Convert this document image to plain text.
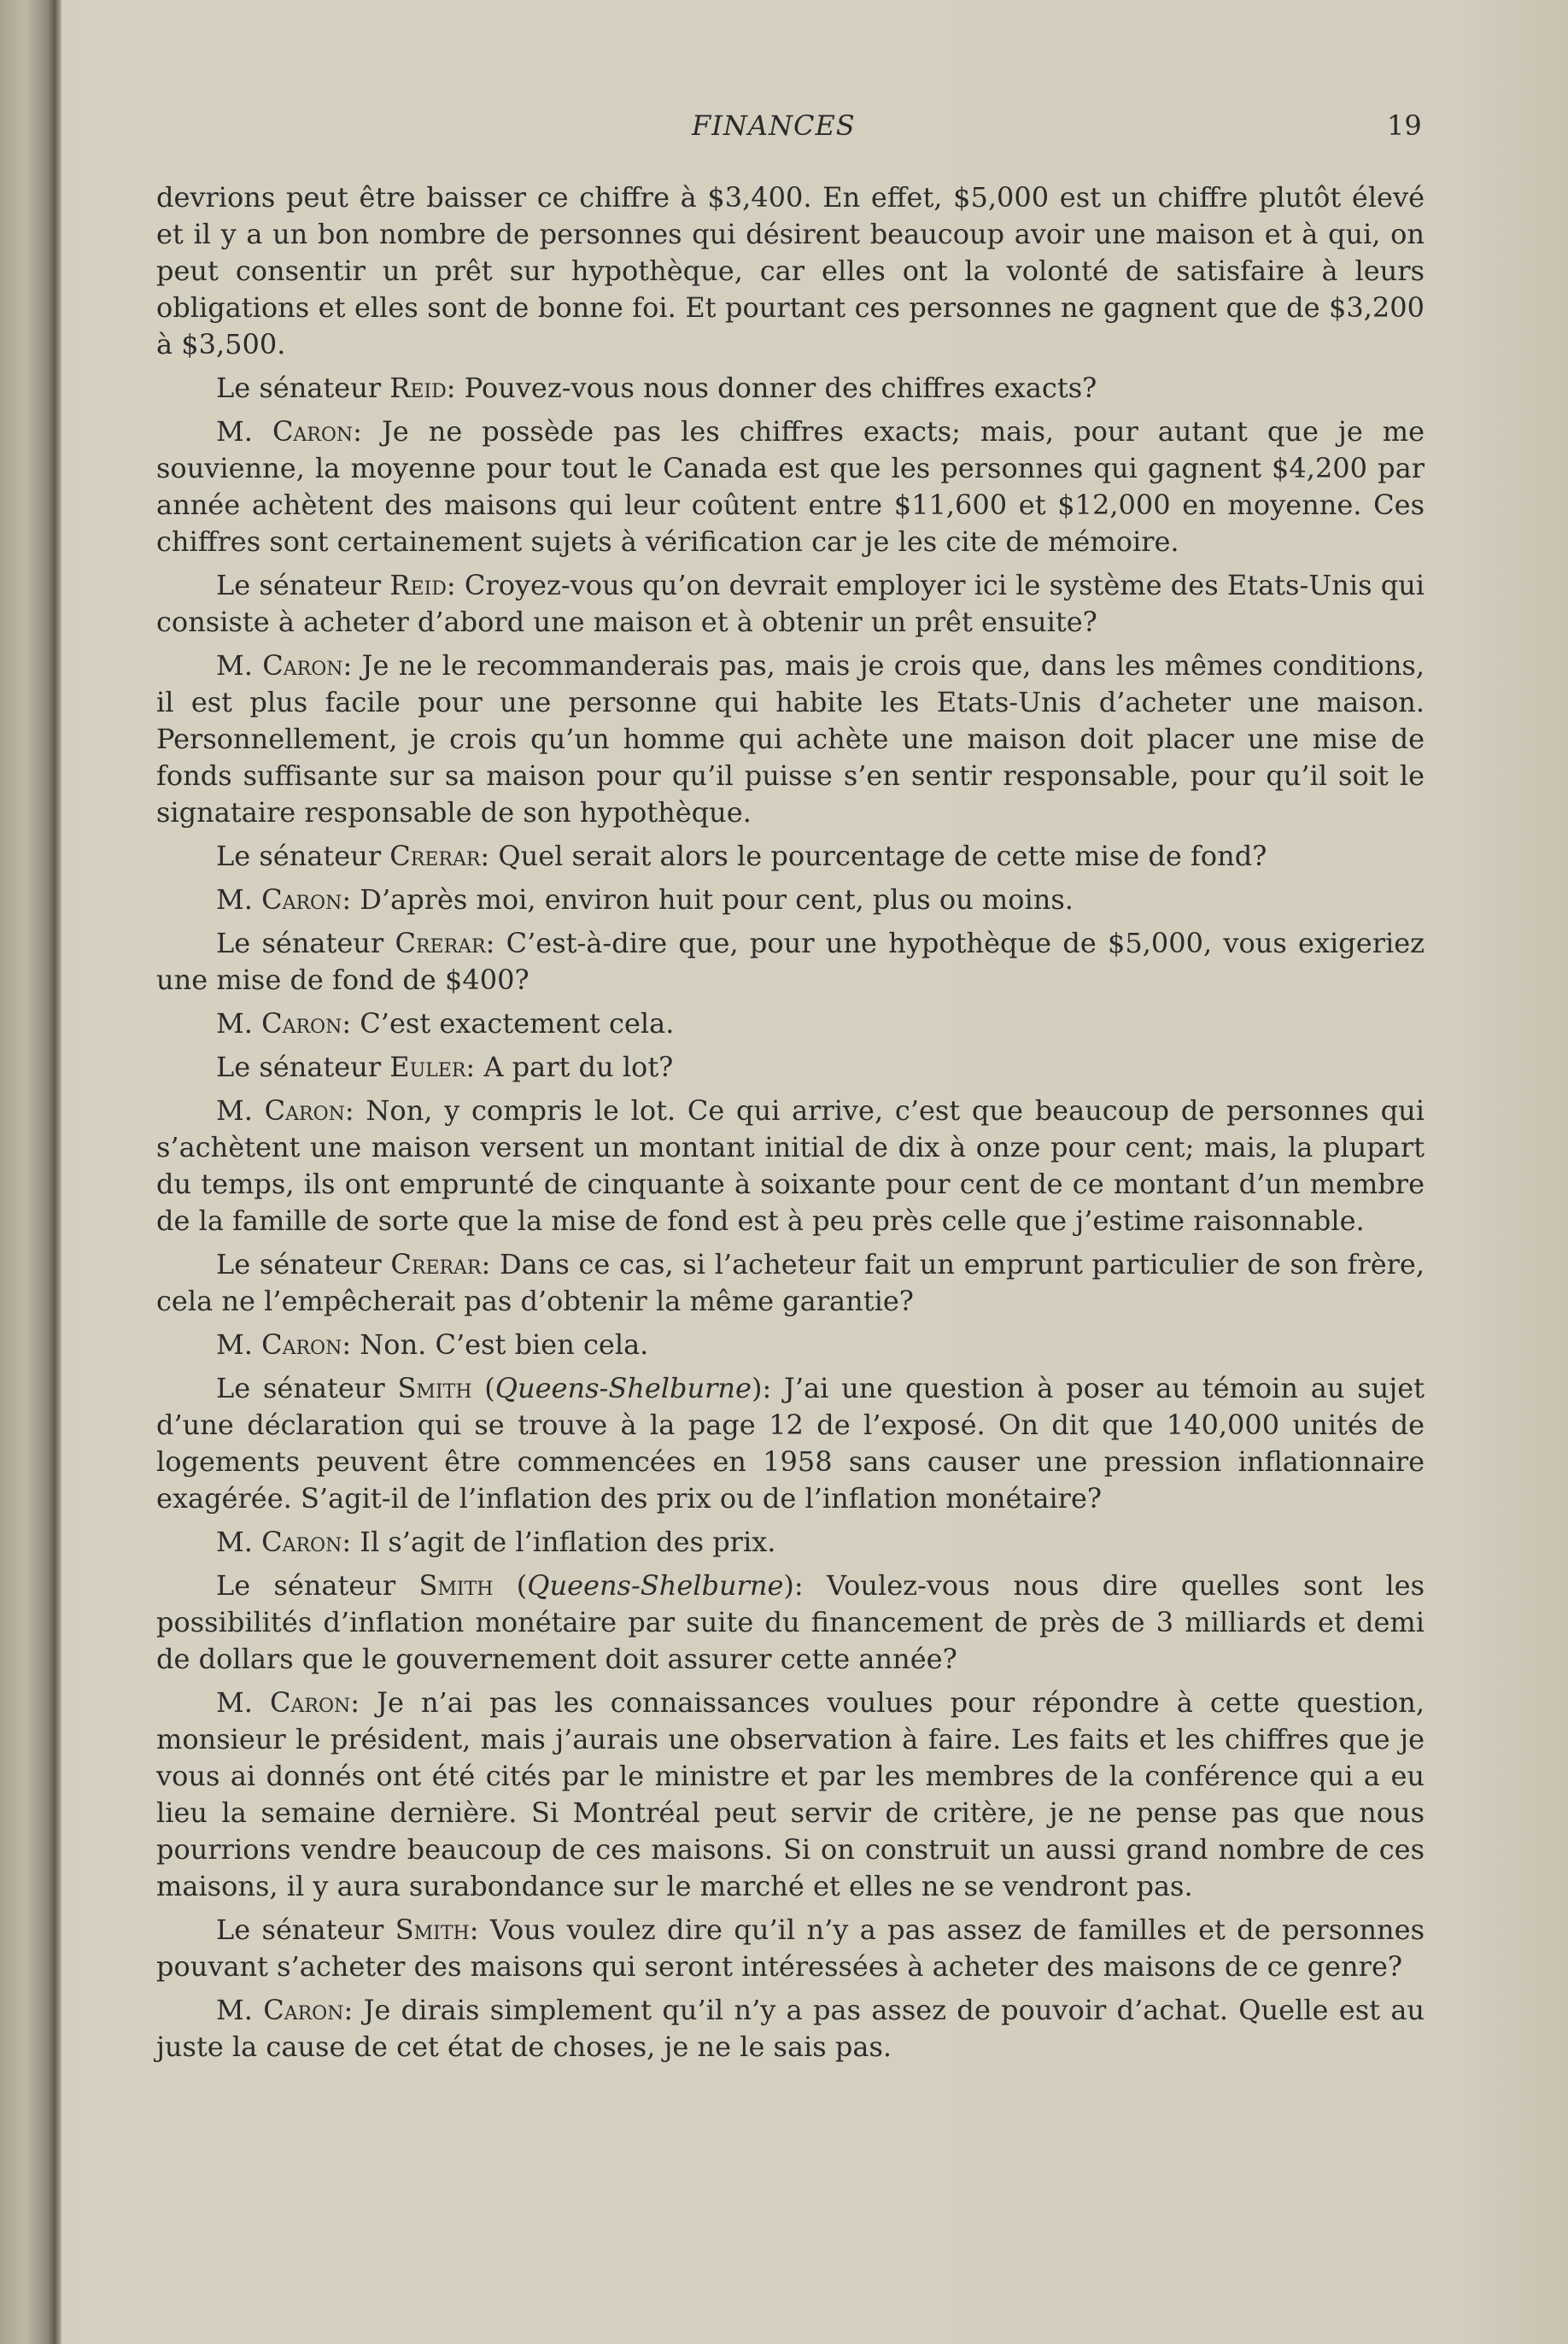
FINANCES	19

devrions peut être baisser ce chiffre à $3,400. En effet, $5,000 est un chiffre plutôt élevé et il y a un bon nombre de personnes qui désirent beaucoup avoir une maison et à qui, on peut consentir un prêt sur hypothèque, car elles ont la volonté de satisfaire à leurs obligations et elles sont de bonne foi. Et pourtant ces personnes ne gagnent que de $3,200 à $3,500.

Le sénateur Reid: Pouvez-vous nous donner des chiffres exacts?

M. Caron: Je ne possède pas les chiffres exacts; mais, pour autant que je me souvienne, la moyenne pour tout le Canada est que les personnes qui gagnent $4,200 par année achètent des maisons qui leur coûtent entre $11,600 et $12,000 en moyenne. Ces chiffres sont certainement sujets à vérification car je les cite de mémoire.

Le sénateur Reid: Croyez-vous qu’on devrait employer ici le système des Etats-Unis qui consiste à acheter d’abord une maison et à obtenir un prêt ensuite?

M. Caron: Je ne le recommanderais pas, mais je crois que, dans les mêmes conditions, il est plus facile pour une personne qui habite les Etats-Unis d’acheter une maison. Personnellement, je crois qu’un homme qui achète une maison doit placer une mise de fonds suffisante sur sa maison pour qu’il puisse s’en sentir responsable, pour qu’il soit le signataire responsable de son hypothèque.

Le sénateur Crerar: Quel serait alors le pourcentage de cette mise de fond?

M. Caron: D’après moi, environ huit pour cent, plus ou moins.

Le sénateur Crerar: C’est-à-dire que, pour une hypothèque de $5,000, vous exigeriez une mise de fond de $400?

M. Caron: C’est exactement cela.

Le sénateur Euler: A part du lot?

M. Caron: Non, y compris le lot. Ce qui arrive, c’est que beaucoup de personnes qui s’achètent une maison versent un montant initial de dix à onze pour cent; mais, la plupart du temps, ils ont emprunté de cinquante à soixante pour cent de ce montant d’un membre de la famille de sorte que la mise de fond est à peu près celle que j’estime raisonnable.

Le sénateur Crerar: Dans ce cas, si l’acheteur fait un emprunt particulier de son frère, cela ne l’empêcherait pas d’obtenir la même garantie?

M. Caron: Non. C’est bien cela.

Le sénateur Smith (Queens-Shelburne): J’ai une question à poser au témoin au sujet d’une déclaration qui se trouve à la page 12 de l’exposé. On dit que 140,000 unités de logements peuvent être commencées en 1958 sans causer une pression inflationnaire exagérée. S’agit-il de l’inflation des prix ou de l’inflation monétaire?

M. Caron: Il s’agit de l’inflation des prix.

Le sénateur Smith (Queens-Shelburne): Voulez-vous nous dire quelles sont les possibilités d’inflation monétaire par suite du financement de près de 3 milliards et demi de dollars que le gouvernement doit assurer cette année?

M. Caron: Je n’ai pas les connaissances voulues pour répondre à cette question, monsieur le président, mais j’aurais une observation à faire. Les faits et les chiffres que je vous ai donnés ont été cités par le ministre et par les membres de la conférence qui a eu lieu la semaine dernière. Si Montréal peut servir de critère, je ne pense pas que nous pourrions vendre beaucoup de ces maisons. Si on construit un aussi grand nombre de ces maisons, il y aura surabondance sur le marché et elles ne se vendront pas.

Le sénateur Smith: Vous voulez dire qu’il n’y a pas assez de familles et de personnes pouvant s’acheter des maisons qui seront intéressées à acheter des maisons de ce genre?

M. Caron: Je dirais simplement qu’il n’y a pas assez de pouvoir d’achat. Quelle est au juste la cause de cet état de choses, je ne le sais pas.
